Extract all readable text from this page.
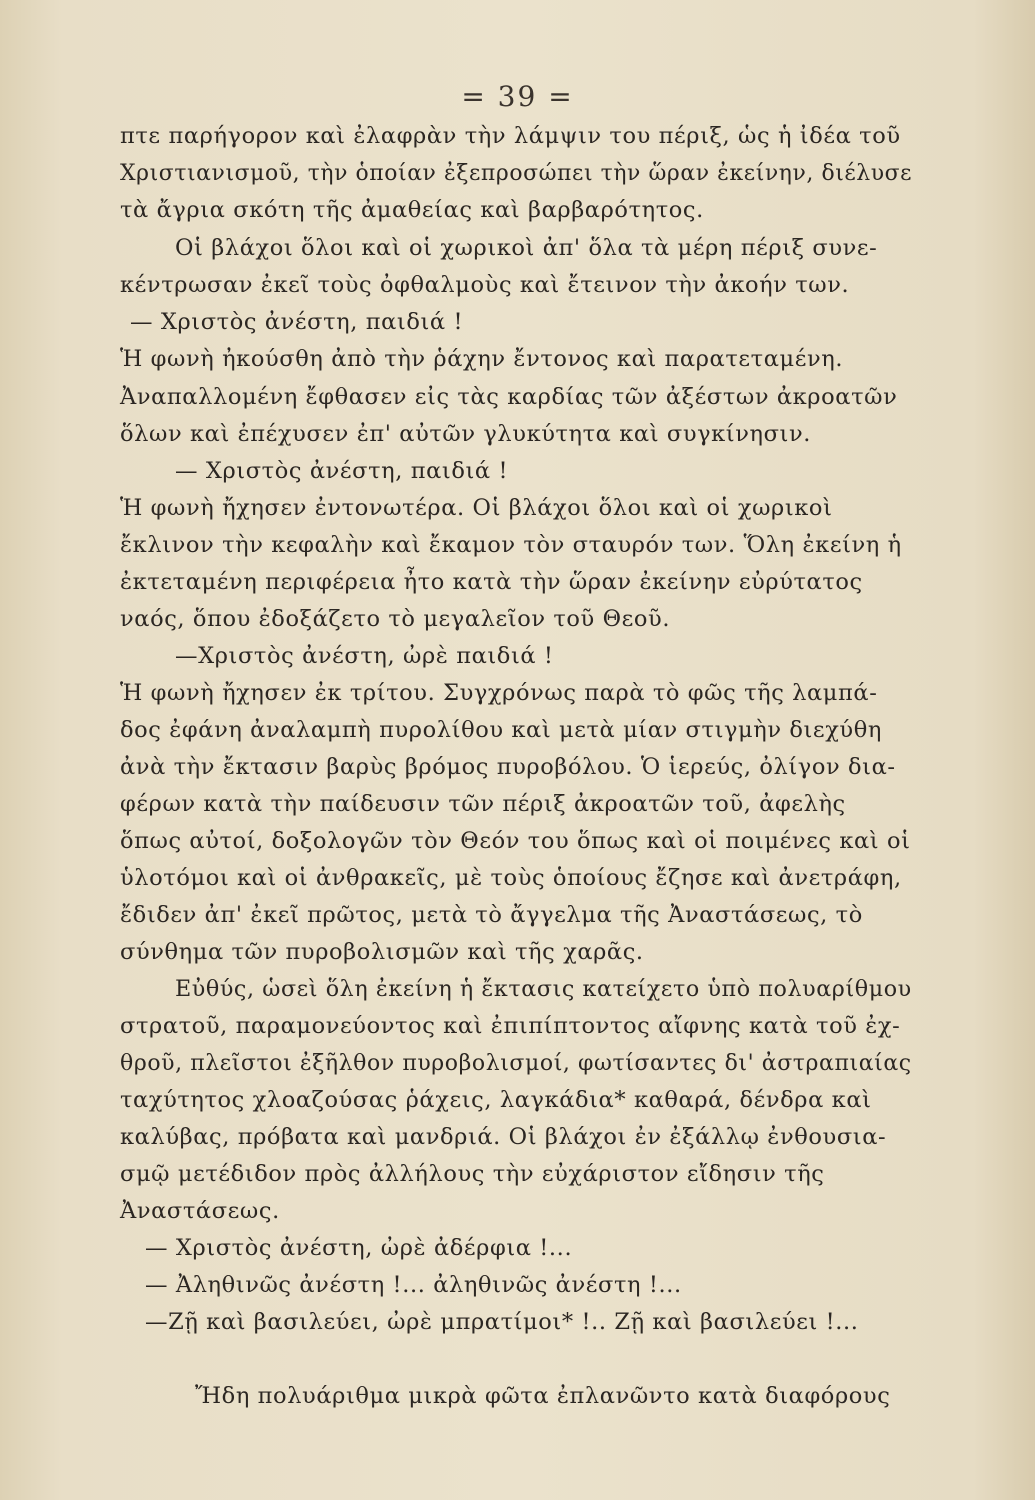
= 39 =
πτε παρήγορον καὶ ἐλαφρὰν τὴν λάμψιν του πέριξ, ὡς ἡ ἰδέα τοῦ
Χριστιανισμοῦ, τὴν ὁποίαν ἐξεπροσώπει τὴν ὥραν ἐκείνην, διέλυσε
τὰ ἄγρια σκότη τῆς ἀμαθείας καὶ βαρβαρότητος.
Οἱ βλάχοι ὅλοι καὶ οἱ χωρικοὶ ἀπ' ὅλα τὰ μέρη πέριξ συνε-
κέντρωσαν ἐκεῖ τοὺς ὀφθαλμοὺς καὶ ἔτεινον τὴν ἀκοήν των.
— Χριστὸς ἀνέστη, παιδιά !
Ἡ φωνὴ ἠκούσθη ἀπὸ τὴν ῥάχην ἔντονος καὶ παρατεταμένη.
Ἀναπαλλομένη ἔφθασεν εἰς τὰς καρδίας τῶν ἀξέστων ἀκροατῶν
ὅλων καὶ ἐπέχυσεν ἐπ' αὐτῶν γλυκύτητα καὶ συγκίνησιν.
— Χριστὸς ἀνέστη, παιδιά !
Ἡ φωνὴ ἤχησεν ἐντονωτέρα. Οἱ βλάχοι ὅλοι καὶ οἱ χωρικοὶ
ἔκλινον τὴν κεφαλὴν καὶ ἔκαμον τὸν σταυρόν των. Ὅλη ἐκείνη ἡ
ἐκτεταμένη περιφέρεια ἦτο κατὰ τὴν ὥραν ἐκείνην εὐρύτατος
ναός, ὅπου ἐδοξάζετο τὸ μεγαλεῖον τοῦ Θεοῦ.
—Χριστὸς ἀνέστη, ὠρὲ παιδιά !
Ἡ φωνὴ ἤχησεν ἐκ τρίτου. Συγχρόνως παρὰ τὸ φῶς τῆς λαμπά-
δος ἐφάνη ἀναλαμπὴ πυρολίθου καὶ μετὰ μίαν στιγμὴν διεχύθη
ἀνὰ τὴν ἔκτασιν βαρὺς βρόμος πυροβόλου. Ὁ ἱερεύς, ὀλίγον δια-
φέρων κατὰ τὴν παίδευσιν τῶν πέριξ ἀκροατῶν τοῦ, ἀφελὴς
ὅπως αὐτοί, δοξολογῶν τὸν Θεόν του ὅπως καὶ οἱ ποιμένες καὶ οἱ
ὑλοτόμοι καὶ οἱ ἀνθρακεῖς, μὲ τοὺς ὁποίους ἔζησε καὶ ἀνετράφη,
ἔδιδεν ἀπ' ἐκεῖ πρῶτος, μετὰ τὸ ἄγγελμα τῆς Ἀναστάσεως, τὸ
σύνθημα τῶν πυροβολισμῶν καὶ τῆς χαρᾶς.
Εὐθύς, ὡσεὶ ὅλη ἐκείνη ἡ ἔκτασις κατείχετο ὑπὸ πολυαρίθμου
στρατοῦ, παραμονεύοντος καὶ ἐπιπίπτοντος αἴφνης κατὰ τοῦ ἐχ-
θροῦ, πλεῖστοι ἐξῆλθον πυροβολισμοί, φωτίσαντες δι' ἀστραπιαίας
ταχύτητος χλοαζούσας ῥάχεις, λαγκάδια* καθαρά, δένδρα καὶ
καλύβας, πρόβατα καὶ μανδριά. Οἱ βλάχοι ἐν ἐξάλλῳ ἐνθουσια-
σμῷ μετέδιδον πρὸς ἀλλήλους τὴν εὐχάριστον εἴδησιν τῆς
Ἀναστάσεως.
— Χριστὸς ἀνέστη, ὠρὲ ἀδέρφια !...
— Ἀληθινῶς ἀνέστη !... ἀληθινῶς ἀνέστη !...
—Ζῇ καὶ βασιλεύει, ὠρὲ μπρατίμοι* !.. Ζῇ καὶ βασιλεύει !...
Ἤδη πολυάριθμα μικρὰ φῶτα ἐπλανῶντο κατὰ διαφόρους
